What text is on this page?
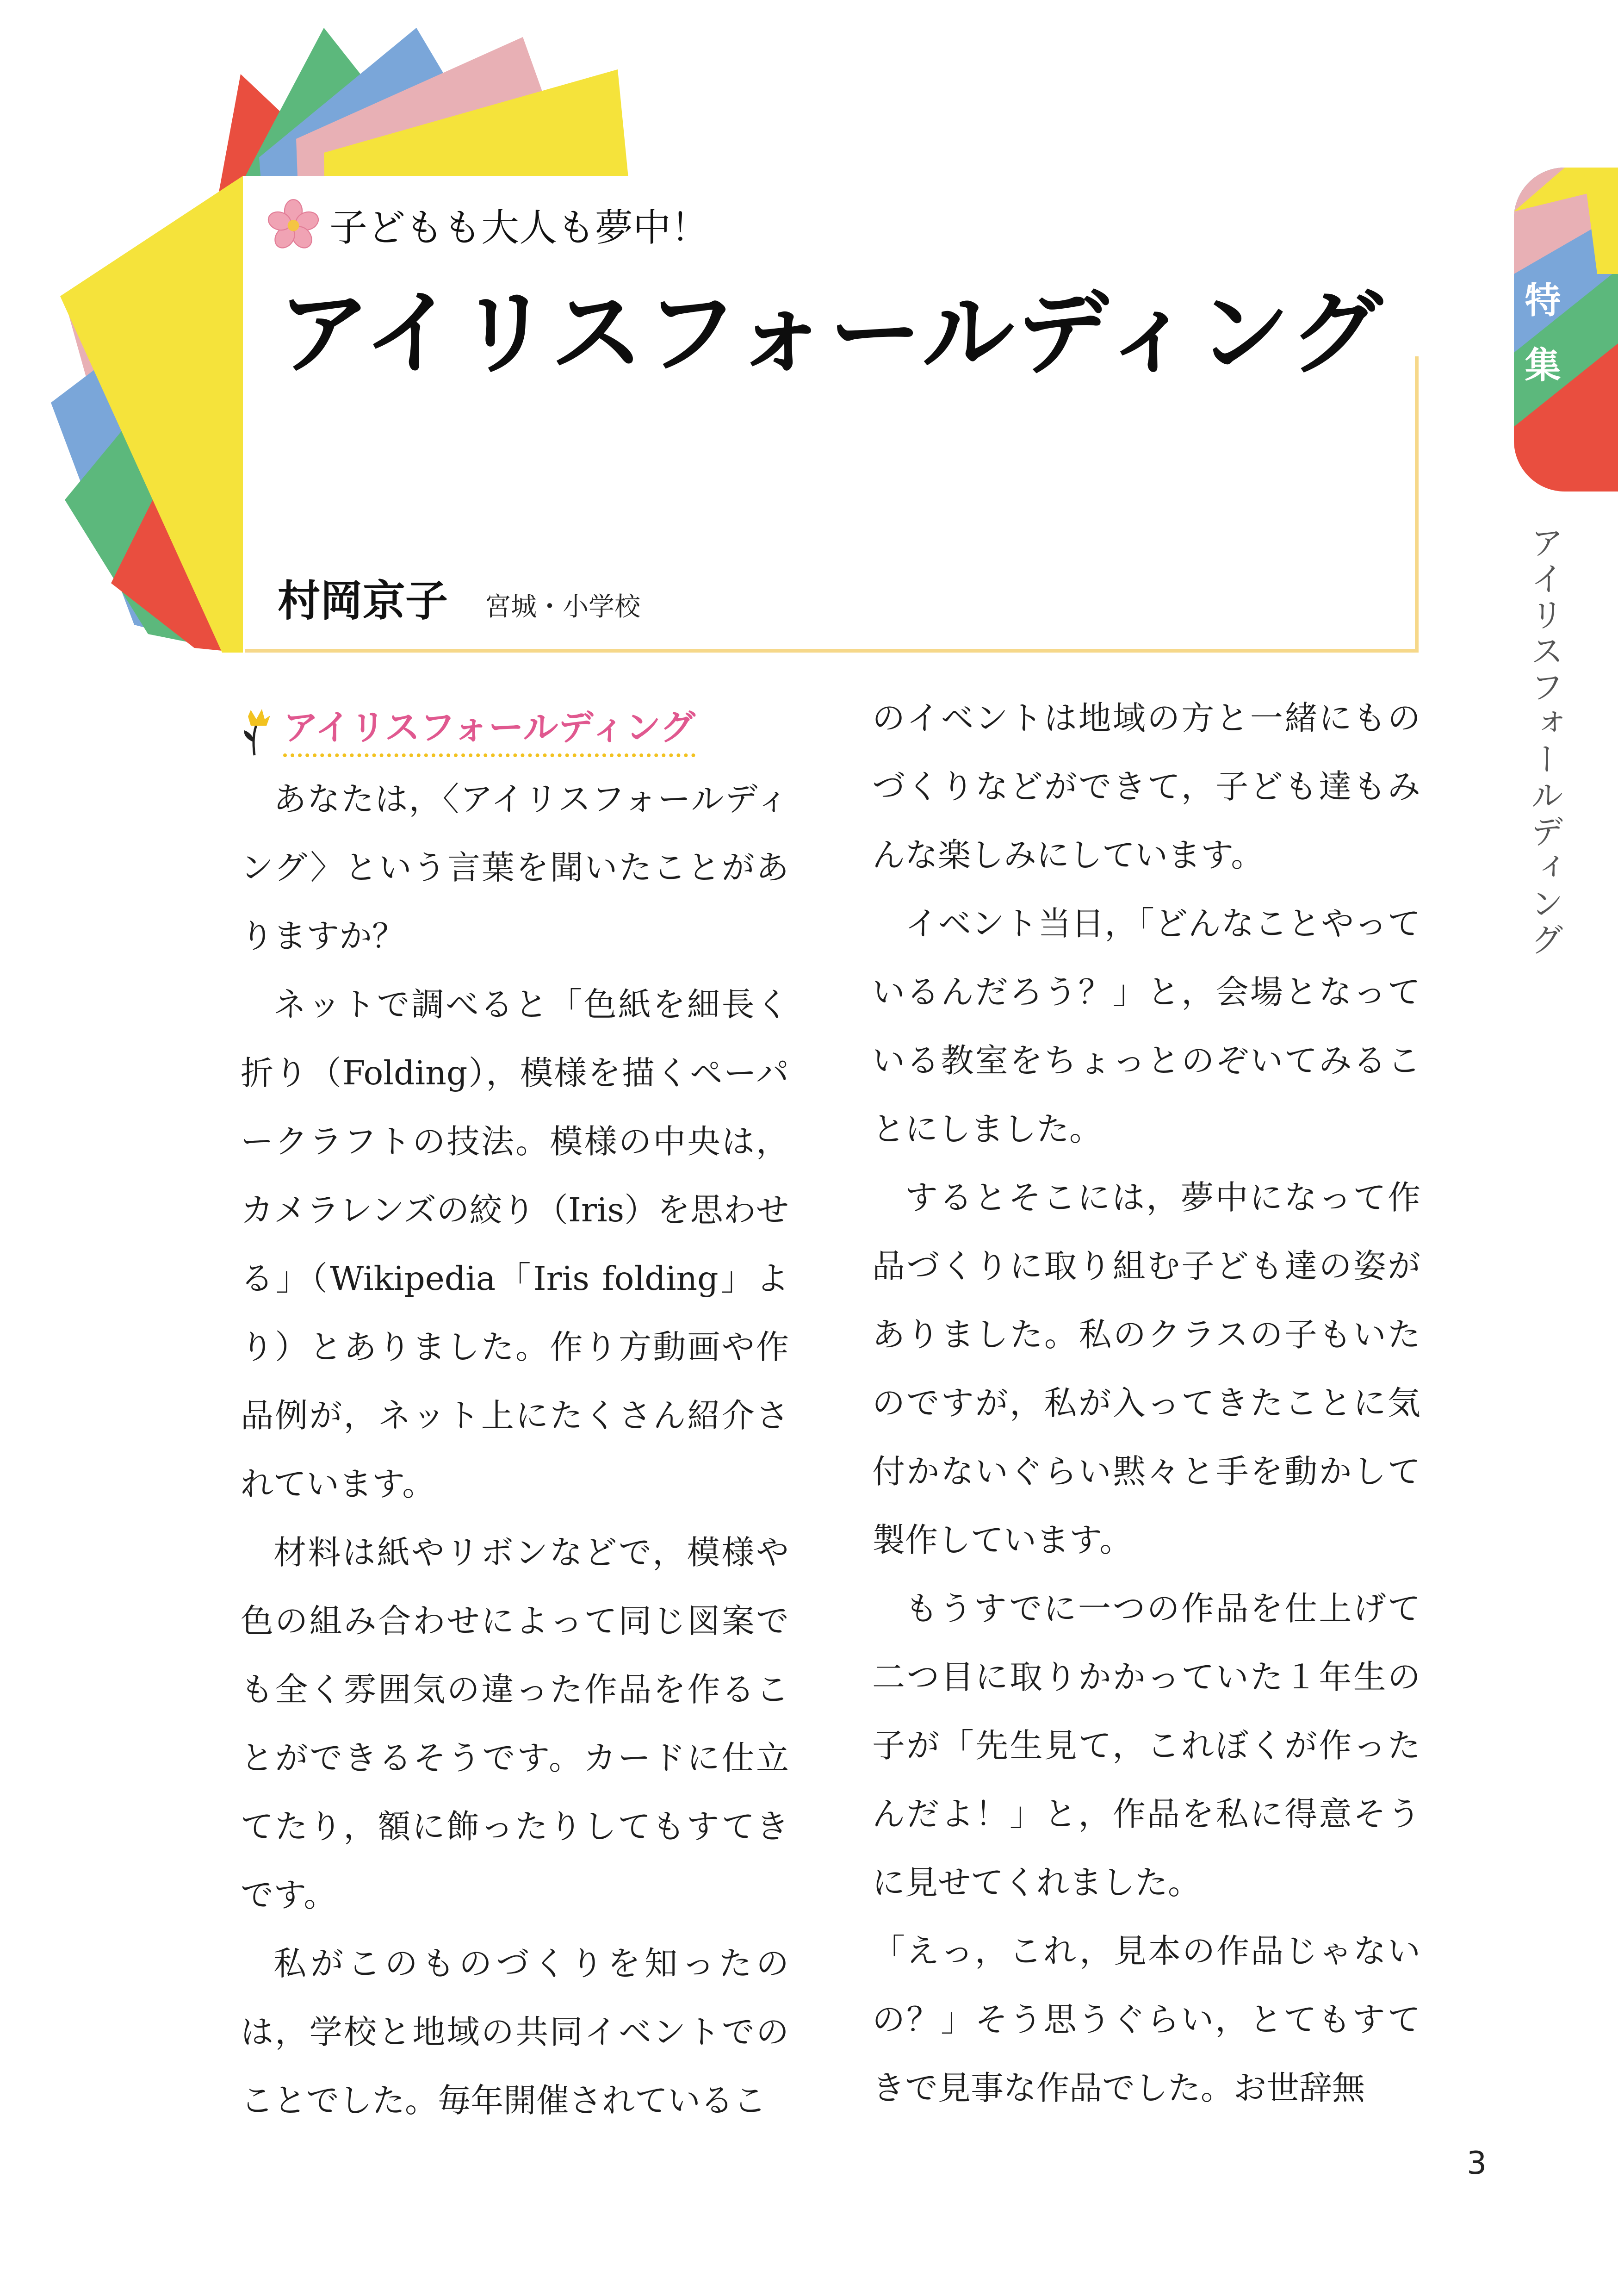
子どもも大人も夢中！
アイリスフォールディング
村岡京子 宮城・小学校
特
集
アイリスフォールディング
アイリスフォールディング

あなたは，〈アイリスフォールディング〉という言葉を聞いたことがありますか？

ネットで調べると「色紙を細長く折り（Folding），模様を描くペーパークラフトの技法。模様の中央は，カメラレンズの絞り（Iris）を思わせる」（Wikipedia「Iris folding」より）とありました。作り方動画や作品例が，ネット上にたくさん紹介されています。

材料は紙やリボンなどで，模様や色の組み合わせによって同じ図案でも全く雰囲気の違った作品を作ることができるそうです。カードに仕立てたり，額に飾ったりしてもすてきです。

私がこのものづくりを知ったのは，学校と地域の共同イベントでのことでした。毎年開催されているこ

のイベントは地域の方と一緒にものづくりなどができて，子ども達もみんな楽しみにしています。

イベント当日，「どんなことやっているんだろう？」と，会場となっている教室をちょっとのぞいてみることにしました。

するとそこには，夢中になって作品づくりに取り組む子ども達の姿がありました。私のクラスの子もいたのですが，私が入ってきたことに気付かないぐらい黙々と手を動かして製作しています。

もうすでに一つの作品を仕上げて二つ目に取りかかっていた１年生の子が「先生見て，これぼくが作ったんだよ！」と，作品を私に得意そうに見せてくれました。

「えっ，これ，見本の作品じゃないの？」そう思うぐらい，とてもすてきで見事な作品でした。お世辞無

3
